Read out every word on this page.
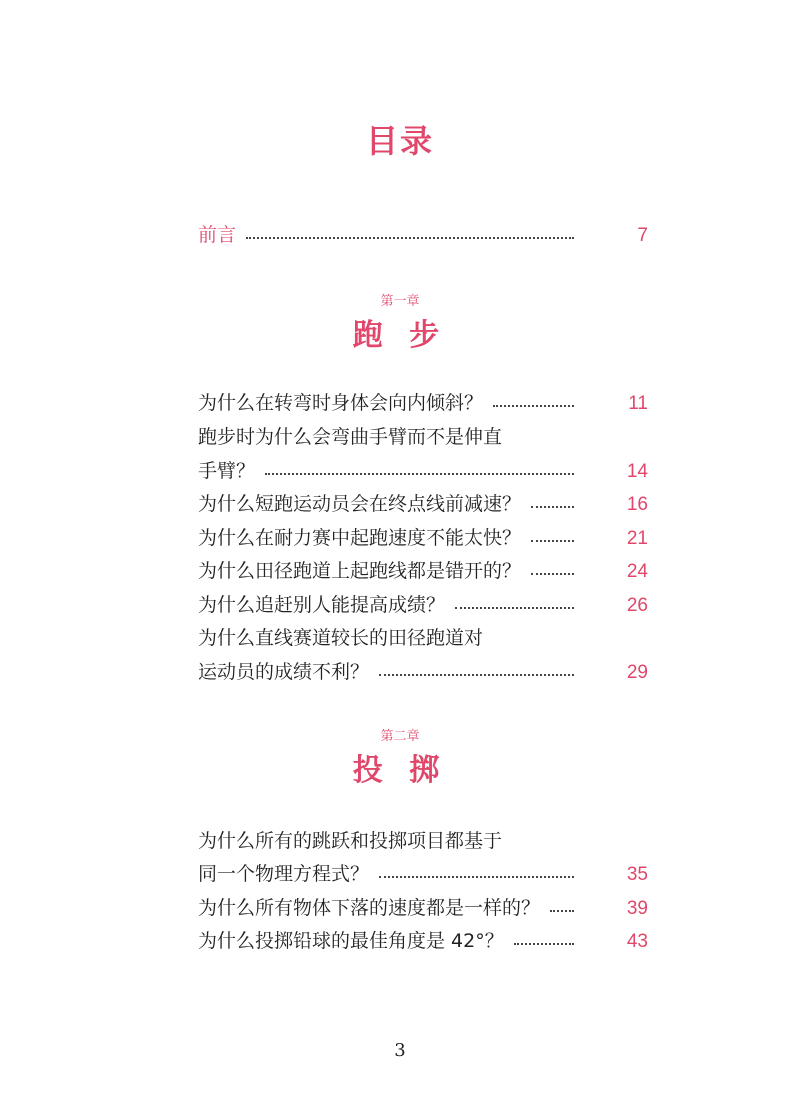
目录
前言	7
第一章
跑 步
为什么在转弯时身体会向内倾斜？	11
跑步时为什么会弯曲手臂而不是伸直
手臂？	14
为什么短跑运动员会在终点线前减速？	16
为什么在耐力赛中起跑速度不能太快？	21
为什么田径跑道上起跑线都是错开的？	24
为什么追赶别人能提高成绩？	26
为什么直线赛道较长的田径跑道对
运动员的成绩不利？	29
第二章
投 掷
为什么所有的跳跃和投掷项目都基于
同一个物理方程式？	35
为什么所有物体下落的速度都是一样的？	39
为什么投掷铅球的最佳角度是 42°？	43
3
